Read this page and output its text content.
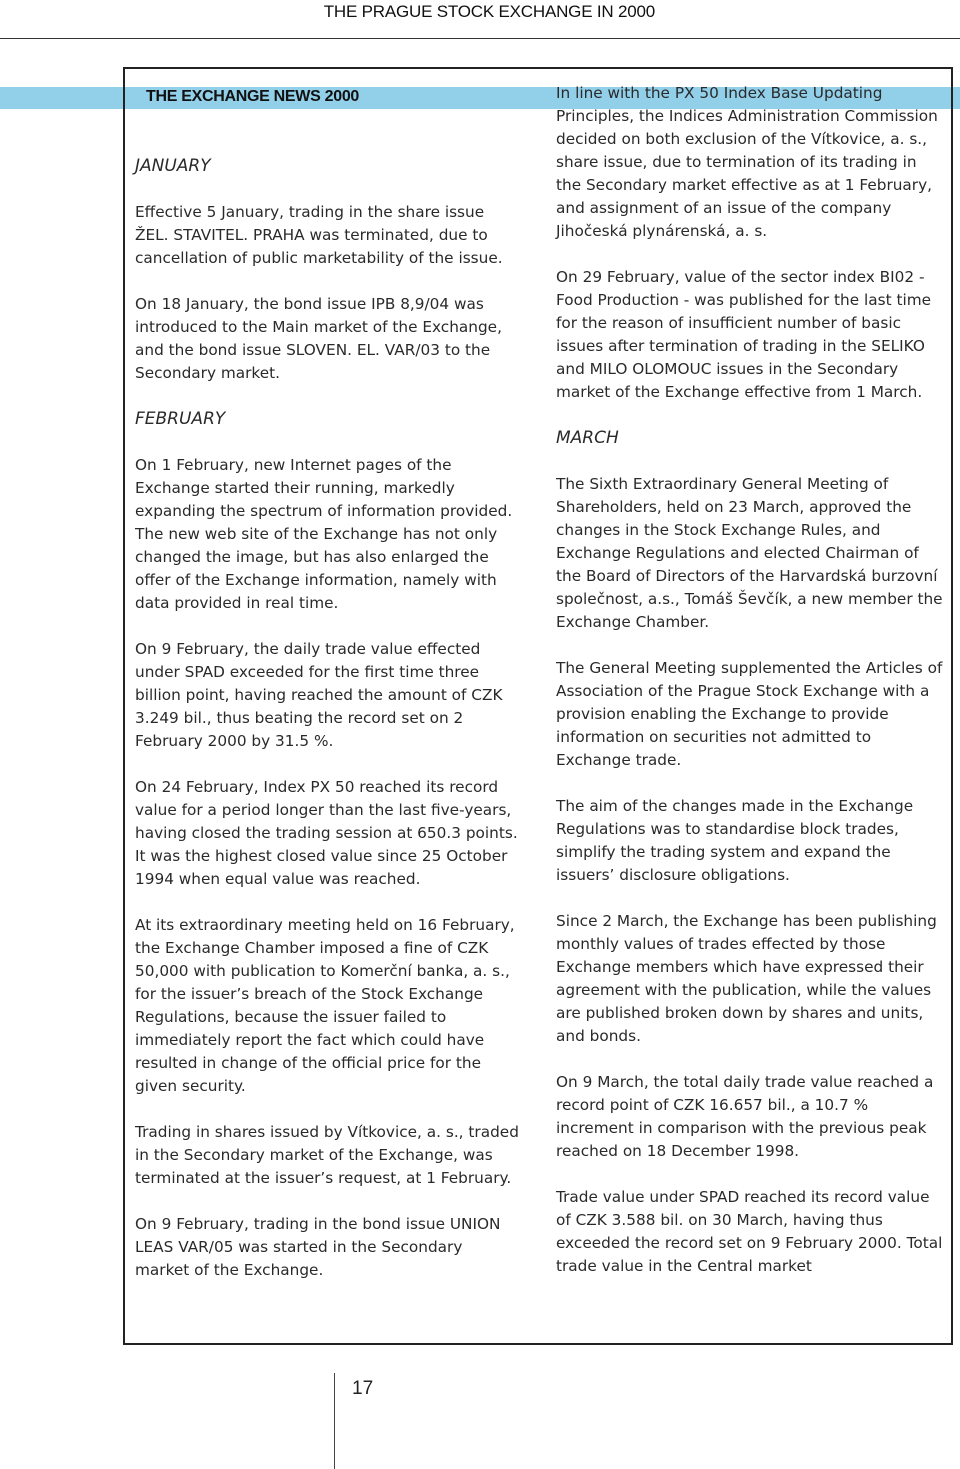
THE PRAGUE STOCK EXCHANGE IN 2000
THE EXCHANGE NEWS 2000

JANUARY

Effective 5 January, trading in the share issue ŽEL. STAVITEL. PRAHA was terminated, due to cancellation of public marketability of the issue.

On 18 January, the bond issue IPB 8,9/04 was introduced to the Main market of the Exchange, and the bond issue SLOVEN. EL. VAR/03 to the Secondary market.

FEBRUARY

On 1 February, new Internet pages of the Exchange started their running, markedly expanding the spectrum of information provided. The new web site of the Exchange has not only changed the image, but has also enlarged the offer of the Exchange information, namely with data provided in real time.

On 9 February, the daily trade value effected under SPAD exceeded for the first time three billion point, having reached the amount of CZK 3.249 bil., thus beating the record set on 2 February 2000 by 31.5 %.

On 24 February, Index PX 50 reached its record value for a period longer than the last five-years, having closed the trading session at 650.3 points. It was the highest closed value since 25 October 1994 when equal value was reached.

At its extraordinary meeting held on 16 February, the Exchange Chamber imposed a fine of CZK 50,000 with publication to Komerční banka, a. s., for the issuer’s breach of the Stock Exchange Regulations, because the issuer failed to immediately report the fact which could have resulted in change of the official price for the given security.

Trading in shares issued by Vítkovice, a. s., traded in the Secondary market of the Exchange, was terminated at the issuer’s request, at 1 February.

On 9 February, trading in the bond issue UNION LEAS VAR/05 was started in the Secondary market of the Exchange.

In line with the PX 50 Index Base Updating Principles, the Indices Administration Commission decided on both exclusion of the Vítkovice, a. s., share issue, due to termination of its trading in the Secondary market effective as at 1 February, and assignment of an issue of the company Jihočeská plynárenská, a. s.

On 29 February, value of the sector index BI02 - Food Production - was published for the last time for the reason of insufficient number of basic issues after termination of trading in the SELIKO and MILO OLOMOUC issues in the Secondary market of the Exchange effective from 1 March.

MARCH

The Sixth Extraordinary General Meeting of Shareholders, held on 23 March, approved the changes in the Stock Exchange Rules, and Exchange Regulations and elected Chairman of the Board of Directors of the Harvardská burzovní společnost, a.s., Tomáš Ševčík, a new member the Exchange Chamber.

The General Meeting supplemented the Articles of Association of the Prague Stock Exchange with a provision enabling the Exchange to provide information on securities not admitted to Exchange trade.

The aim of the changes made in the Exchange Regulations was to standardise block trades, simplify the trading system and expand the issuers’ disclosure obligations.

Since 2 March, the Exchange has been publishing monthly values of trades effected by those Exchange members which have expressed their agreement with the publication, while the values are published broken down by shares and units, and bonds.

On 9 March, the total daily trade value reached a record point of CZK 16.657 bil., a 10.7 % increment in comparison with the previous peak reached on 18 December 1998.

Trade value under SPAD reached its record value of CZK 3.588 bil. on 30 March, having thus exceeded the record set on 9 February 2000. Total trade value in the Central market

17
